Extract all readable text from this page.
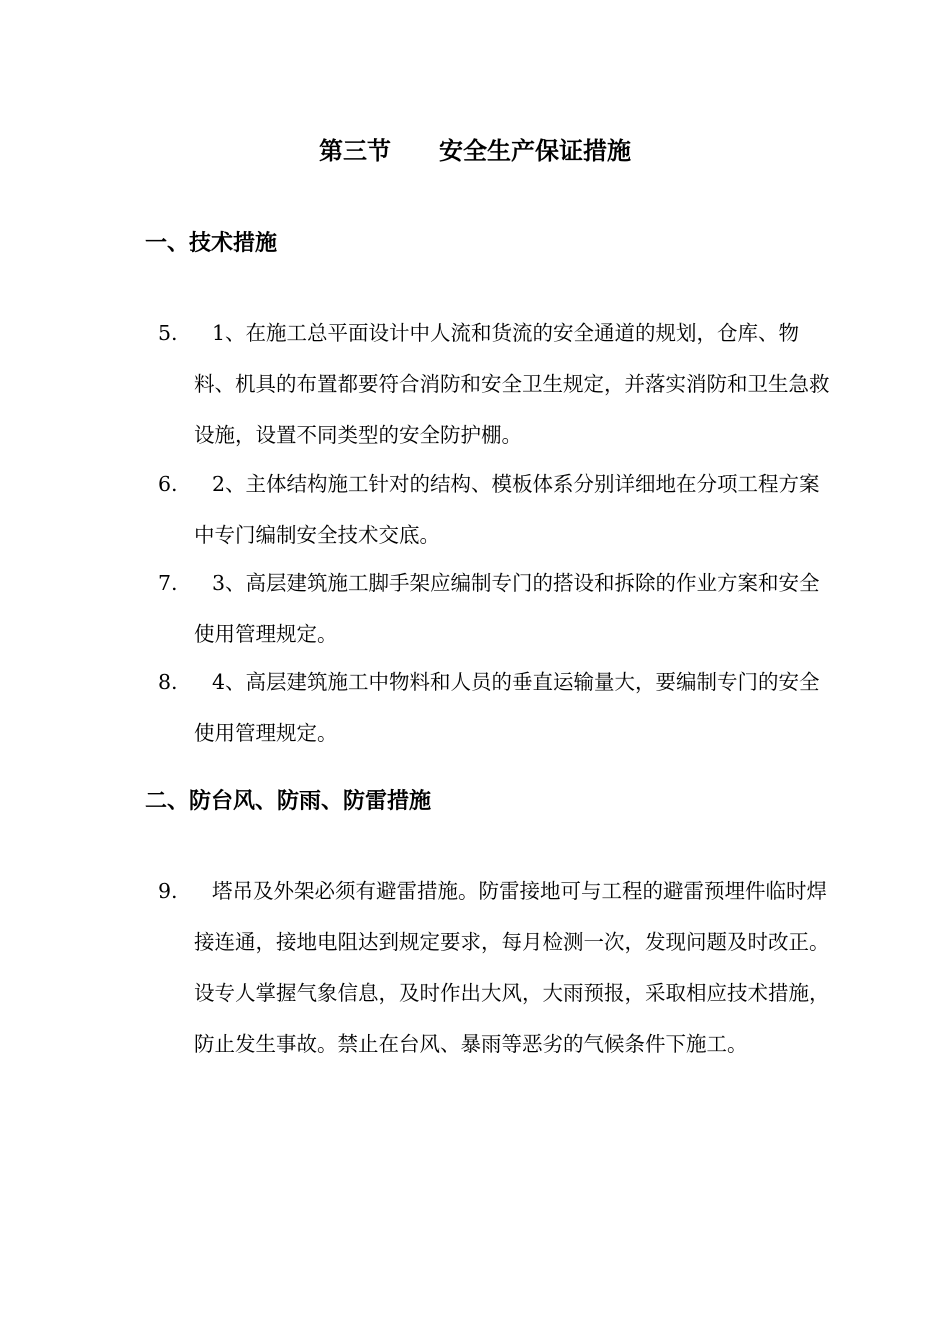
第三节　　安全生产保证措施
一、技术措施
5.	1、在施工总平面设计中人流和货流的安全通道的规划，仓库、物料、机具的布置都要符合消防和安全卫生规定，并落实消防和卫生急救设施，设置不同类型的安全防护棚。
6.	2、主体结构施工针对的结构、模板体系分别详细地在分项工程方案中专门编制安全技术交底。
7.	3、高层建筑施工脚手架应编制专门的搭设和拆除的作业方案和安全使用管理规定。
8.	4、高层建筑施工中物料和人员的垂直运输量大，要编制专门的安全使用管理规定。
二、防台风、防雨、防雷措施
9.	塔吊及外架必须有避雷措施。防雷接地可与工程的避雷预埋件临时焊接连通，接地电阻达到规定要求，每月检测一次，发现问题及时改正。设专人掌握气象信息，及时作出大风，大雨预报，采取相应技术措施，防止发生事故。禁止在台风、暴雨等恶劣的气候条件下施工。
